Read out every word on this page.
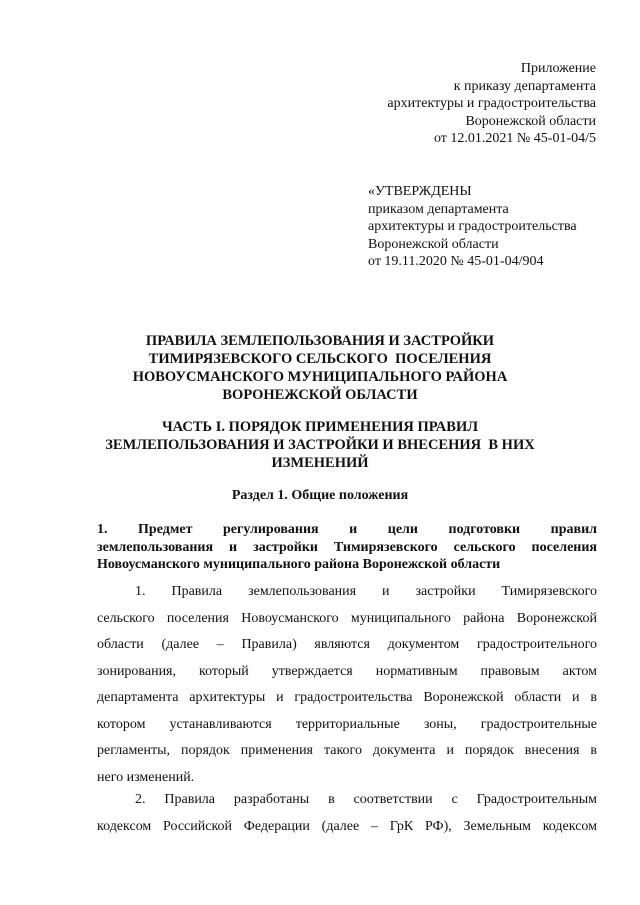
Приложение
к приказу департамента
архитектуры и градостроительства
Воронежской области
от 12.01.2021 № 45-01-04/5
«УТВЕРЖДЕНЫ
приказом департамента
архитектуры и градостроительства
Воронежской области
от 19.11.2020 № 45-01-04/904
ПРАВИЛА ЗЕМЛЕПОЛЬЗОВАНИЯ И ЗАСТРОЙКИ
ТИМИРЯЗЕВСКОГО СЕЛЬСКОГО  ПОСЕЛЕНИЯ
НОВОУСМАНСКОГО МУНИЦИПАЛЬНОГО РАЙОНА
ВОРОНЕЖСКОЙ ОБЛАСТИ
ЧАСТЬ I. ПОРЯДОК ПРИМЕНЕНИЯ ПРАВИЛ
ЗЕМЛЕПОЛЬЗОВАНИЯ И ЗАСТРОЙКИ И ВНЕСЕНИЯ  В НИХ
ИЗМЕНЕНИЙ
Раздел 1. Общие положения
1. Предмет регулирования и цели подготовки правил
землепользования и застройки Тимирязевского сельского поселения
Новоусманского муниципального района Воронежской области
1. Правила землепользования и застройки Тимирязевского
сельского поселения Новоусманского муниципального района Воронежской
области (далее – Правила) являются документом градостроительного
зонирования, который утверждается нормативным правовым актом
департамента архитектуры и градостроительства Воронежской области и в
котором устанавливаются территориальные зоны, градостроительные
регламенты, порядок применения такого документа и порядок внесения в
него изменений.
2. Правила разработаны в соответствии с Градостроительным
кодексом Российской Федерации (далее – ГрК РФ), Земельным кодексом
